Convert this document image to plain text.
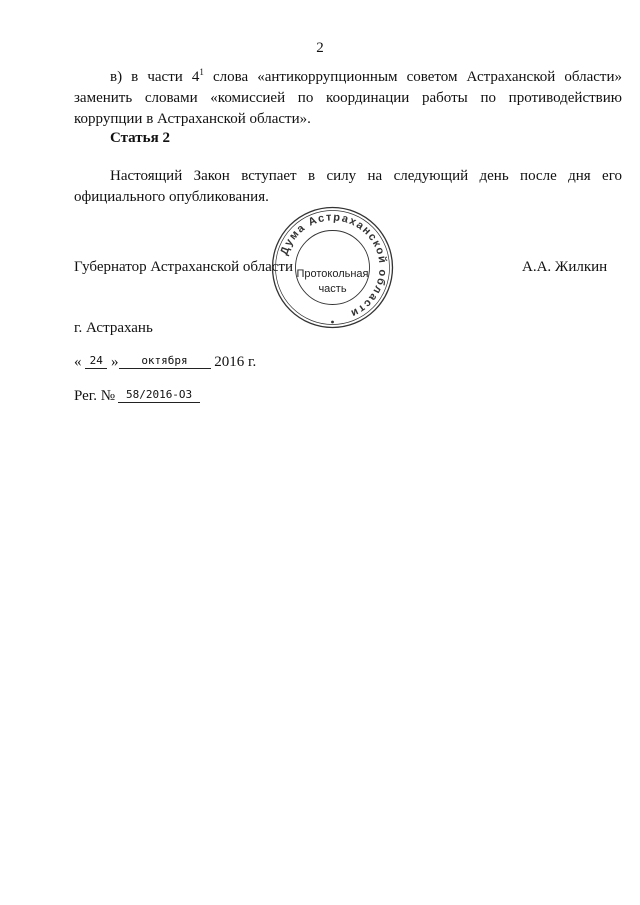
2
в) в части $4^1$ слова «антикоррупционным советом Астраханской области» заменить словами «комиссией по координации работы по противодействию коррупции в Астраханской области».
Статья 2
Настоящий Закон вступает в силу на следующий день после дня его официального опубликования.
Губернатор Астраханской области	А.А. Жилкин
Дума Астраханской области
Протокольная
часть
г. Астрахань
« 24 » октября 2016 г.
Рег. № 58/2016-ОЗ
